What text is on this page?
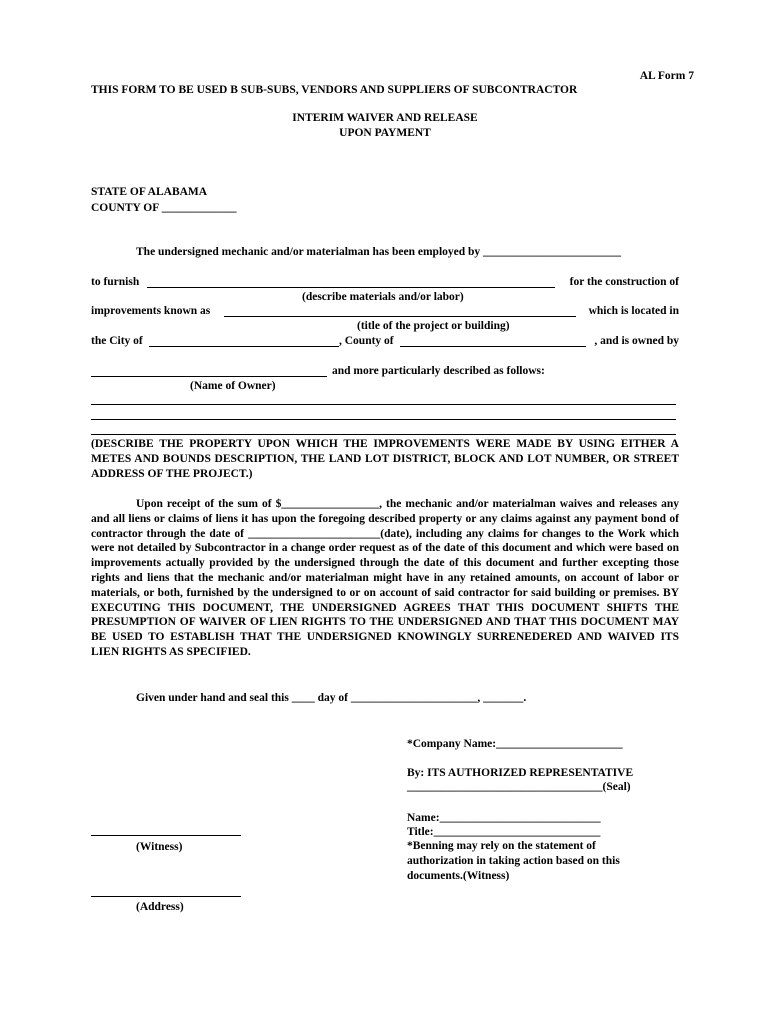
AL Form 7
THIS FORM TO BE USED B SUB-SUBS, VENDORS AND SUPPLIERS OF SUBCONTRACTOR
INTERIM WAIVER AND RELEASE
UPON PAYMENT
STATE OF ALABAMA
COUNTY OF _____________
The undersigned mechanic and/or materialman has been employed by ________________________
to furnish	for the construction of
(describe materials and/or labor)
improvements known as	which is located in
(title of the project or building)
the City of	, County of	, and is owned by
and more particularly described as follows:
(Name of Owner)
(DESCRIBE THE PROPERTY UPON WHICH THE IMPROVEMENTS WERE MADE BY USING EITHER A METES AND BOUNDS DESCRIPTION, THE LAND LOT DISTRICT, BLOCK AND LOT NUMBER, OR STREET ADDRESS OF THE PROJECT.)
Upon receipt of the sum of $_________________, the mechanic and/or materialman waives and releases any and all liens or claims of liens it has upon the foregoing described property or any claims against any payment bond of contractor through the date of _______________________(date), including any claims for changes to the Work which were not detailed by Subcontractor in a change order request as of the date of this document and which were based on improvements actually provided by the undersigned through the date of this document and further excepting those rights and liens that the mechanic and/or materialman might have in any retained amounts, on account of labor or materials, or both, furnished by the undersigned to or on account of said contractor for said building or premises. BY EXECUTING THIS DOCUMENT, THE UNDERSIGNED AGREES THAT THIS DOCUMENT SHIFTS THE PRESUMPTION OF WAIVER OF LIEN RIGHTS TO THE UNDERSIGNED AND THAT THIS DOCUMENT MAY BE USED TO ESTABLISH THAT THE UNDERSIGNED KNOWINGLY SURRENEDERED AND WAIVED ITS LIEN RIGHTS AS SPECIFIED.
Given under hand and seal this ____ day of ______________________, _______.
*Company Name:______________________
By: ITS AUTHORIZED REPRESENTATIVE
__________________________________(Seal)
Name:____________________________
Title:_____________________________
*Benning may rely on the statement of
authorization in taking action based on this
documents.(Witness)
(Witness)
(Address)
